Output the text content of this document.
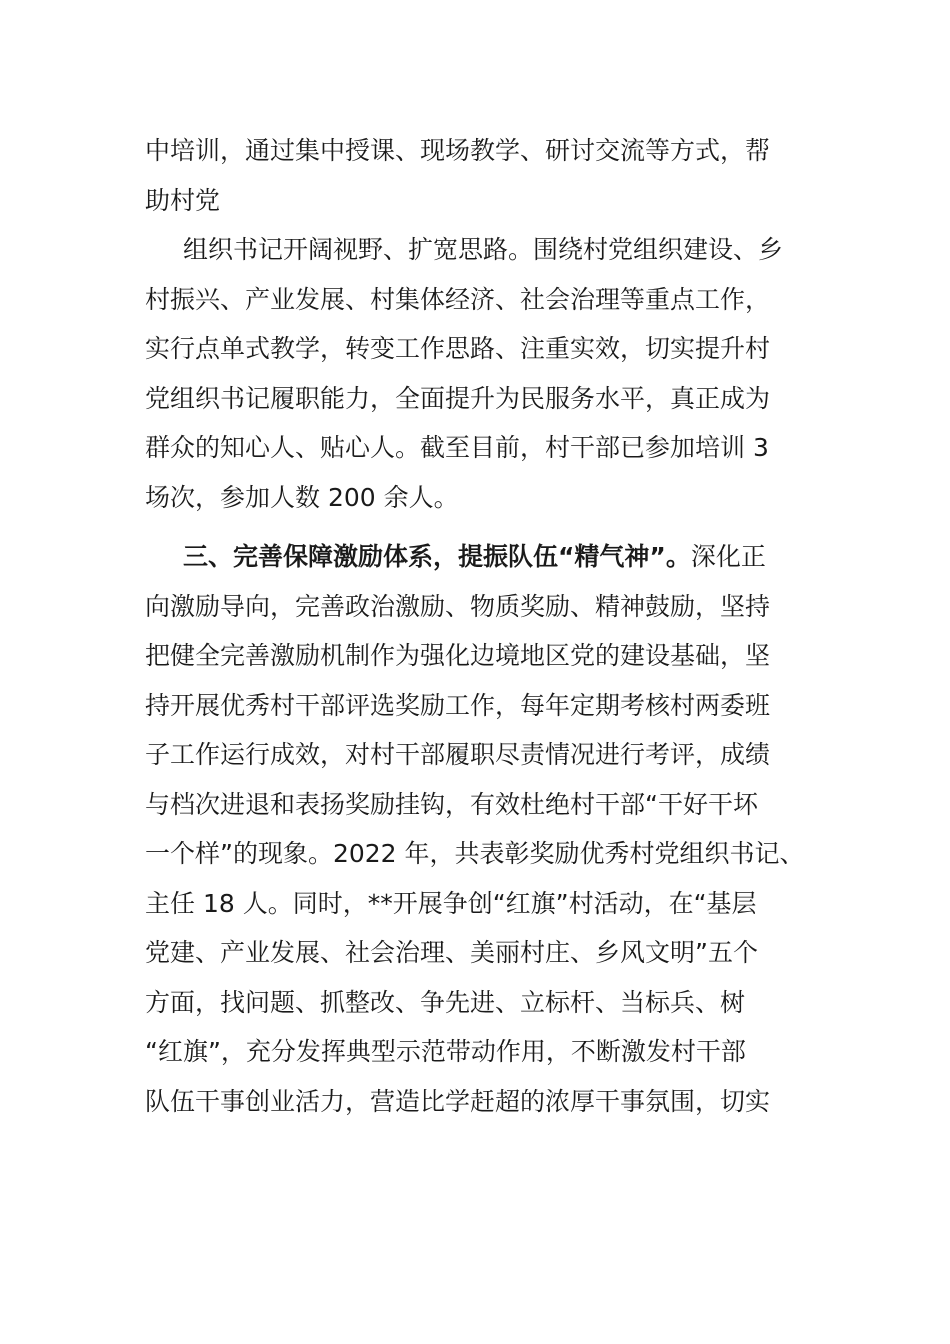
中培训，通过集中授课、现场教学、研讨交流等方式，帮
助村党

组织书记开阔视野、扩宽思路。围绕村党组织建设、乡
村振兴、产业发展、村集体经济、社会治理等重点工作，
实行点单式教学，转变工作思路、注重实效，切实提升村
党组织书记履职能力，全面提升为民服务水平，真正成为
群众的知心人、贴心人。截至目前，村干部已参加培训 3
场次，参加人数 200 余人。

三、完善保障激励体系，提振队伍“精气神”。深化正
向激励导向，完善政治激励、物质奖励、精神鼓励，坚持
把健全完善激励机制作为强化边境地区党的建设基础，坚
持开展优秀村干部评选奖励工作，每年定期考核村两委班
子工作运行成效，对村干部履职尽责情况进行考评，成绩
与档次进退和表扬奖励挂钩，有效杜绝村干部“干好干坏
一个样”的现象。2022 年，共表彰奖励优秀村党组织书记、
主任 18 人。同时，**开展争创“红旗”村活动，在“基层
党建、产业发展、社会治理、美丽村庄、乡风文明”五个
方面，找问题、抓整改、争先进、立标杆、当标兵、树
“红旗”，充分发挥典型示范带动作用，不断激发村干部
队伍干事创业活力，营造比学赶超的浓厚干事氛围，切实
